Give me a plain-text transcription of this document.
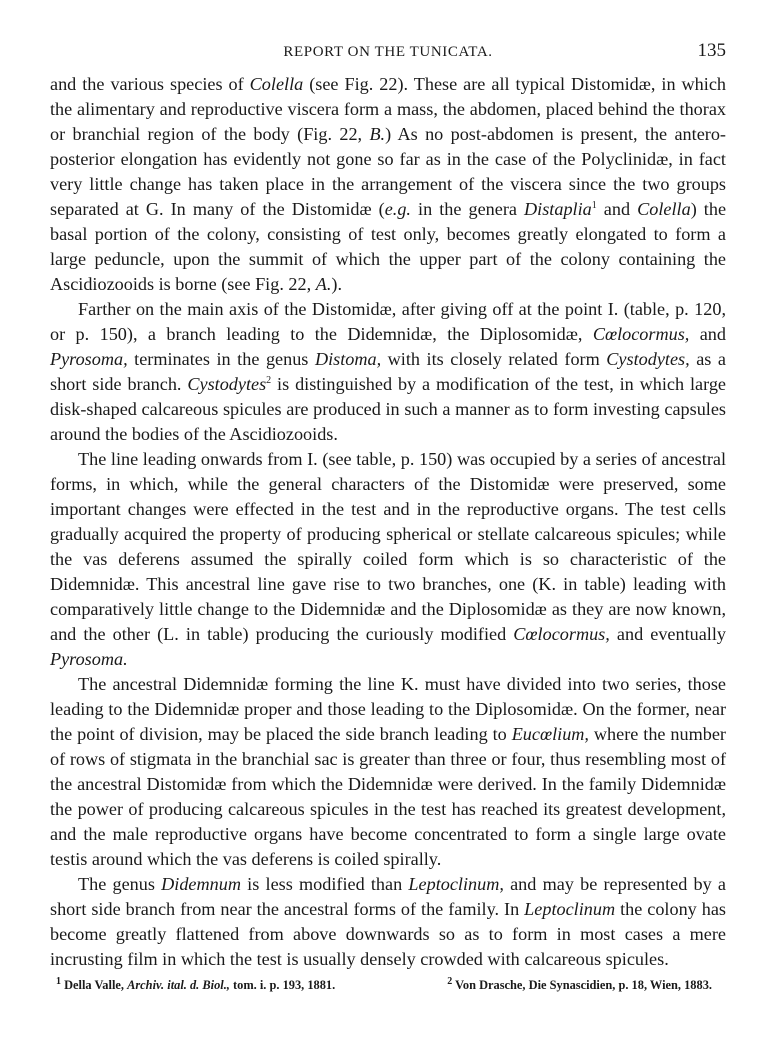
REPORT ON THE TUNICATA.	135

and the various species of Colella (see Fig. 22). These are all typical Distomidæ, in which the alimentary and reproductive viscera form a mass, the abdomen, placed behind the thorax or branchial region of the body (Fig. 22, B.) As no post-abdomen is present, the antero-posterior elongation has evidently not gone so far as in the case of the Polyclinidæ, in fact very little change has taken place in the arrangement of the viscera since the two groups separated at G. In many of the Distomidæ (e.g. in the genera Distaplia$^1$ and Colella) the basal portion of the colony, consisting of test only, becomes greatly elongated to form a large peduncle, upon the summit of which the upper part of the colony containing the Ascidiozooids is borne (see Fig. 22, A.).

Farther on the main axis of the Distomidæ, after giving off at the point I. (table, p. 120, or p. 150), a branch leading to the Didemnidæ, the Diplosomidæ, Cœlocormus, and Pyrosoma, terminates in the genus Distoma, with its closely related form Cystodytes, as a short side branch. Cystodytes$^2$ is distinguished by a modification of the test, in which large disk-shaped calcareous spicules are produced in such a manner as to form investing capsules around the bodies of the Ascidiozooids.

The line leading onwards from I. (see table, p. 150) was occupied by a series of ancestral forms, in which, while the general characters of the Distomidæ were preserved, some important changes were effected in the test and in the reproductive organs. The test cells gradually acquired the property of producing spherical or stellate calcareous spicules; while the vas deferens assumed the spirally coiled form which is so characteristic of the Didemnidæ. This ancestral line gave rise to two branches, one (K. in table) leading with comparatively little change to the Didemnidæ and the Diplosomidæ as they are now known, and the other (L. in table) producing the curiously modified Cœlocormus, and eventually Pyrosoma.

The ancestral Didemnidæ forming the line K. must have divided into two series, those leading to the Didemnidæ proper and those leading to the Diplosomidæ. On the former, near the point of division, may be placed the side branch leading to Eucœlium, where the number of rows of stigmata in the branchial sac is greater than three or four, thus resembling most of the ancestral Distomidæ from which the Didemnidæ were derived. In the family Didemnidæ the power of producing calcareous spicules in the test has reached its greatest development, and the male reproductive organs have become concentrated to form a single large ovate testis around which the vas deferens is coiled spirally.

The genus Didemnum is less modified than Leptoclinum, and may be represented by a short side branch from near the ancestral forms of the family. In Leptoclinum the colony has become greatly flattened from above downwards so as to form in most cases a mere incrusting film in which the test is usually densely crowded with calcareous spicules.

$^1$ Della Valle, Archiv. ital. d. Biol., tom. i. p. 193, 1881.	$^2$ Von Drasche, Die Synascidien, p. 18, Wien, 1883.
